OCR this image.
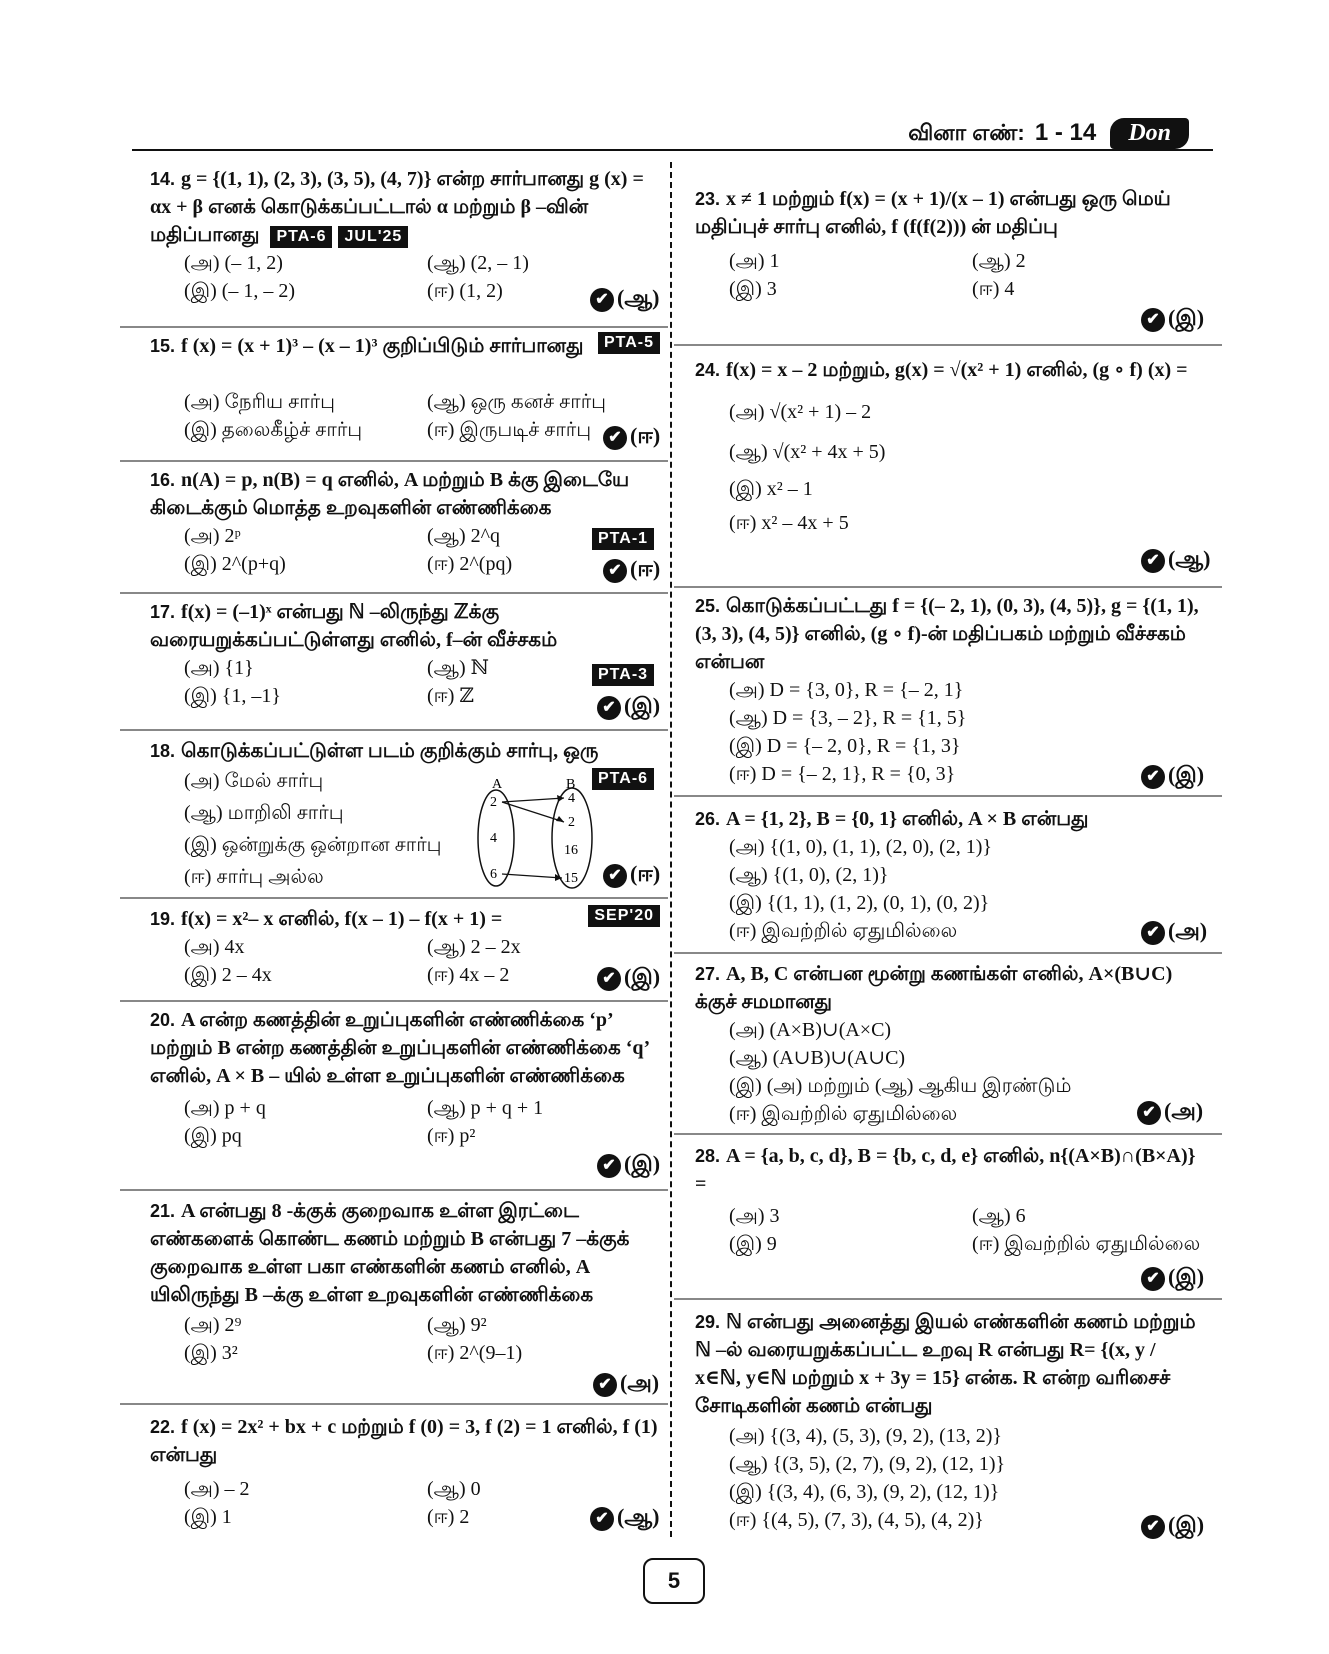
வினா எண்: 1 - 14 Don
14. g = {(1, 1), (2, 3), (3, 5), (4, 7)} என்ற சார்பானது g (x) = αx + β எனக் கொடுக்கப்பட்டால் α மற்றும் β –வின் மதிப்பானது PTA-6 JUL'25
(அ) (– 1, 2)	(ஆ) (2, – 1)
(இ) (– 1, – 2)	(ஈ) (1, 2)	✔ (ஆ)
15. f (x) = (x + 1)³ – (x – 1)³ குறிப்பிடும் சார்பானது	PTA-5
(அ) நேரிய சார்பு	(ஆ) ஒரு கனச் சார்பு
(இ) தலைகீழ்ச் சார்பு	(ஈ) இருபடிச் சார்பு	✔ (ஈ)
16. n(A) = p, n(B) = q எனில், A மற்றும் B க்கு இடையே கிடைக்கும் மொத்த உறவுகளின் எண்ணிக்கை
(அ) 2ᵖ	(ஆ) 2^q
(இ) 2^(p+q)	(ஈ) 2^(pq)
PTA-1
✔ (ஈ)
17. f(x) = (–1)ˣ என்பது ℕ –லிருந்து ℤக்கு வரையறுக்கப்பட்டுள்ளது எனில், f–ன் வீச்சகம்
(அ) {1}	(ஆ) ℕ
(இ) {1, –1}	(ஈ) ℤ
PTA-3
✔ (இ)
18. கொடுக்கப்பட்டுள்ள படம் குறிக்கும் சார்பு, ஒரு
(அ) மேல் சார்பு
(ஆ) மாறிலி சார்பு
(இ) ஒன்றுக்கு ஒன்றான சார்பு
(ஈ) சார்பு அல்ல
PTA-6
A	B
2
4
6
4
2
16
15	✔ (ஈ)
19. f(x) = x²– x எனில், f(x – 1) – f(x + 1) =	SEP'20
(அ) 4x	(ஆ) 2 – 2x
(இ) 2 – 4x	(ஈ) 4x – 2	✔ (இ)
20. A என்ற கணத்தின் உறுப்புகளின் எண்ணிக்கை ‘p’ மற்றும் B என்ற கணத்தின் உறுப்புகளின் எண்ணிக்கை ‘q’ எனில், A × B – யில் உள்ள உறுப்புகளின் எண்ணிக்கை
(அ) p + q	(ஆ) p + q + 1
(இ) pq	(ஈ) p²
✔ (இ)
21. A என்பது 8 -க்குக் குறைவாக உள்ள இரட்டை எண்களைக் கொண்ட கணம் மற்றும் B என்பது 7 –க்குக் குறைவாக உள்ள பகா எண்களின் கணம் எனில், A யிலிருந்து B –க்கு உள்ள உறவுகளின் எண்ணிக்கை
(அ) 2⁹	(ஆ) 9²
(இ) 3²	(ஈ) 2^(9–1)
✔ (அ)
22. f (x) = 2x² + bx + c மற்றும் f (0) = 3, f (2) = 1 எனில், f (1) என்பது
(அ) – 2	(ஆ) 0
(இ) 1	(ஈ) 2	✔ (ஆ)
23. x ≠ 1 மற்றும் f(x) = (x + 1)/(x – 1) என்பது ஒரு மெய் மதிப்புச் சார்பு எனில், f (f(f(2))) ன் மதிப்பு
(அ) 1	(ஆ) 2
(இ) 3	(ஈ) 4
✔ (இ)
24. f(x) = x – 2 மற்றும், g(x) = √(x² + 1) எனில், (g ∘ f) (x) =
(அ) √(x² + 1) – 2
(ஆ) √(x² + 4x + 5)
(இ) x² – 1
(ஈ) x² – 4x + 5
✔ (ஆ)
25. கொடுக்கப்பட்டது f = {(– 2, 1), (0, 3), (4, 5)}, g = {(1, 1), (3, 3), (4, 5)} எனில், (g ∘ f)-ன் மதிப்பகம் மற்றும் வீச்சகம் என்பன
(அ) D = {3, 0}, R = {– 2, 1}
(ஆ) D = {3, – 2}, R = {1, 5}
(இ) D = {– 2, 0}, R = {1, 3}
(ஈ) D = {– 2, 1}, R = {0, 3}	✔ (இ)
26. A = {1, 2}, B = {0, 1} எனில், A × B என்பது
(அ) {(1, 0), (1, 1), (2, 0), (2, 1)}
(ஆ) {(1, 0), (2, 1)}
(இ) {(1, 1), (1, 2), (0, 1), (0, 2)}
(ஈ) இவற்றில் ஏதுமில்லை	✔ (அ)
27. A, B, C என்பன மூன்று கணங்கள் எனில், A×(B∪C) க்குச் சமமானது
(அ) (A×B)∪(A×C)
(ஆ) (A∪B)∪(A∪C)
(இ) (அ) மற்றும் (ஆ) ஆகிய இரண்டும்
(ஈ) இவற்றில் ஏதுமில்லை	✔ (அ)
28. A = {a, b, c, d}, B = {b, c, d, e} எனில், n{(A×B)∩(B×A)} =
(அ) 3	(ஆ) 6
(இ) 9	(ஈ) இவற்றில் ஏதுமில்லை
✔ (இ)
29. ℕ என்பது அனைத்து இயல் எண்களின் கணம் மற்றும் ℕ –ல் வரையறுக்கப்பட்ட உறவு R என்பது R= {(x, y / x∈ℕ, y∈ℕ மற்றும் x + 3y = 15} என்க. R என்ற வரிசைச் சோடிகளின் கணம் என்பது
(அ) {(3, 4), (5, 3), (9, 2), (13, 2)}
(ஆ) {(3, 5), (2, 7), (9, 2), (12, 1)}
(இ) {(3, 4), (6, 3), (9, 2), (12, 1)}
(ஈ) {(4, 5), (7, 3), (4, 5), (4, 2)}	✔ (இ)
5
